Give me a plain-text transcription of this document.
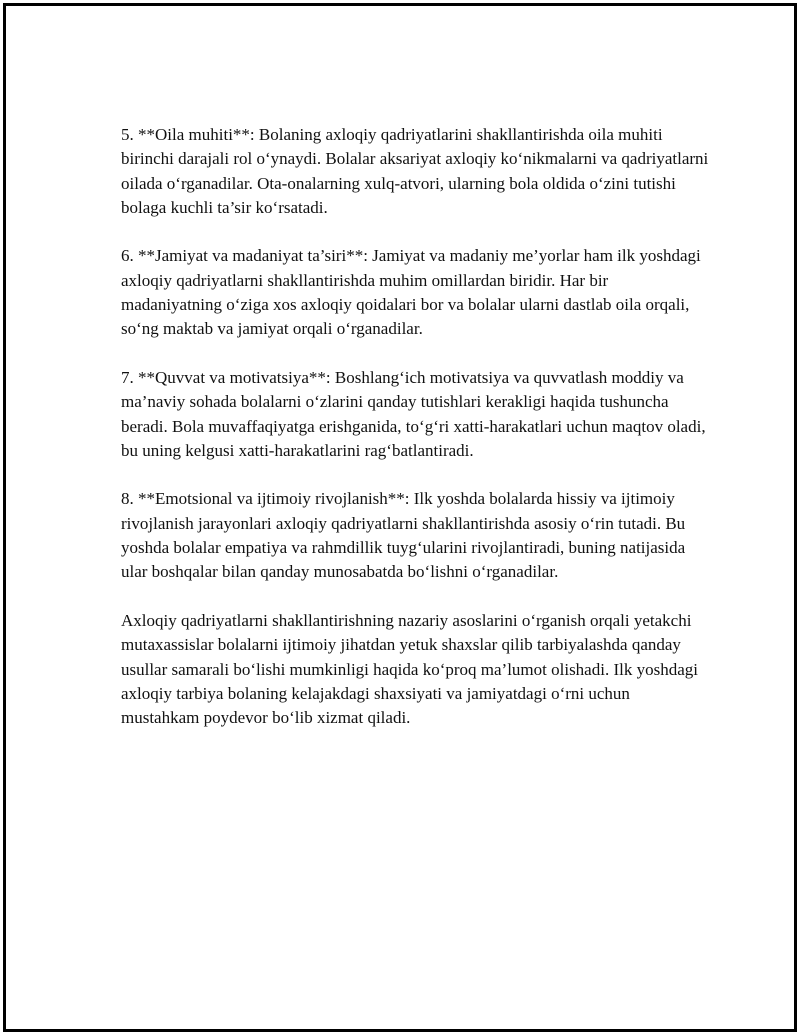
5. **Oila muhiti**: Bolaning axloqiy qadriyatlarini shakllantirishda oila muhiti birinchi darajali rol o‘ynaydi. Bolalar aksariyat axloqiy ko‘nikmalarni va qadriyatlarni oilada o‘rganadilar. Ota-onalarning xulq-atvori, ularning bola oldida o‘zini tutishi bolaga kuchli ta’sir ko‘rsatadi.

6. **Jamiyat va madaniyat ta’siri**: Jamiyat va madaniy me’yorlar ham ilk yoshdagi axloqiy qadriyatlarni shakllantirishda muhim omillardan biridir. Har bir madaniyatning o‘ziga xos axloqiy qoidalari bor va bolalar ularni dastlab oila orqali, so‘ng maktab va jamiyat orqali o‘rganadilar.

7. **Quvvat va motivatsiya**: Boshlang‘ich motivatsiya va quvvatlash moddiy va ma’naviy sohada bolalarni o‘zlarini qanday tutishlari kerakligi haqida tushuncha beradi. Bola muvaffaqiyatga erishganida, to‘g‘ri xatti-harakatlari uchun maqtov oladi, bu uning kelgusi xatti-harakatlarini rag‘batlantiradi.

8. **Emotsional va ijtimoiy rivojlanish**: Ilk yoshda bolalarda hissiy va ijtimoiy rivojlanish jarayonlari axloqiy qadriyatlarni shakllantirishda asosiy o‘rin tutadi. Bu yoshda bolalar empatiya va rahmdillik tuyg‘ularini rivojlantiradi, buning natijasida ular boshqalar bilan qanday munosabatda bo‘lishni o‘rganadilar.

Axloqiy qadriyatlarni shakllantirishning nazariy asoslarini o‘rganish orqali yetakchi mutaxassislar bolalarni ijtimoiy jihatdan yetuk shaxslar qilib tarbiyalashda qanday usullar samarali bo‘lishi mumkinligi haqida ko‘proq ma’lumot olishadi. Ilk yoshdagi axloqiy tarbiya bolaning kelajakdagi shaxsiyati va jamiyatdagi o‘rni uchun mustahkam poydevor bo‘lib xizmat qiladi.
